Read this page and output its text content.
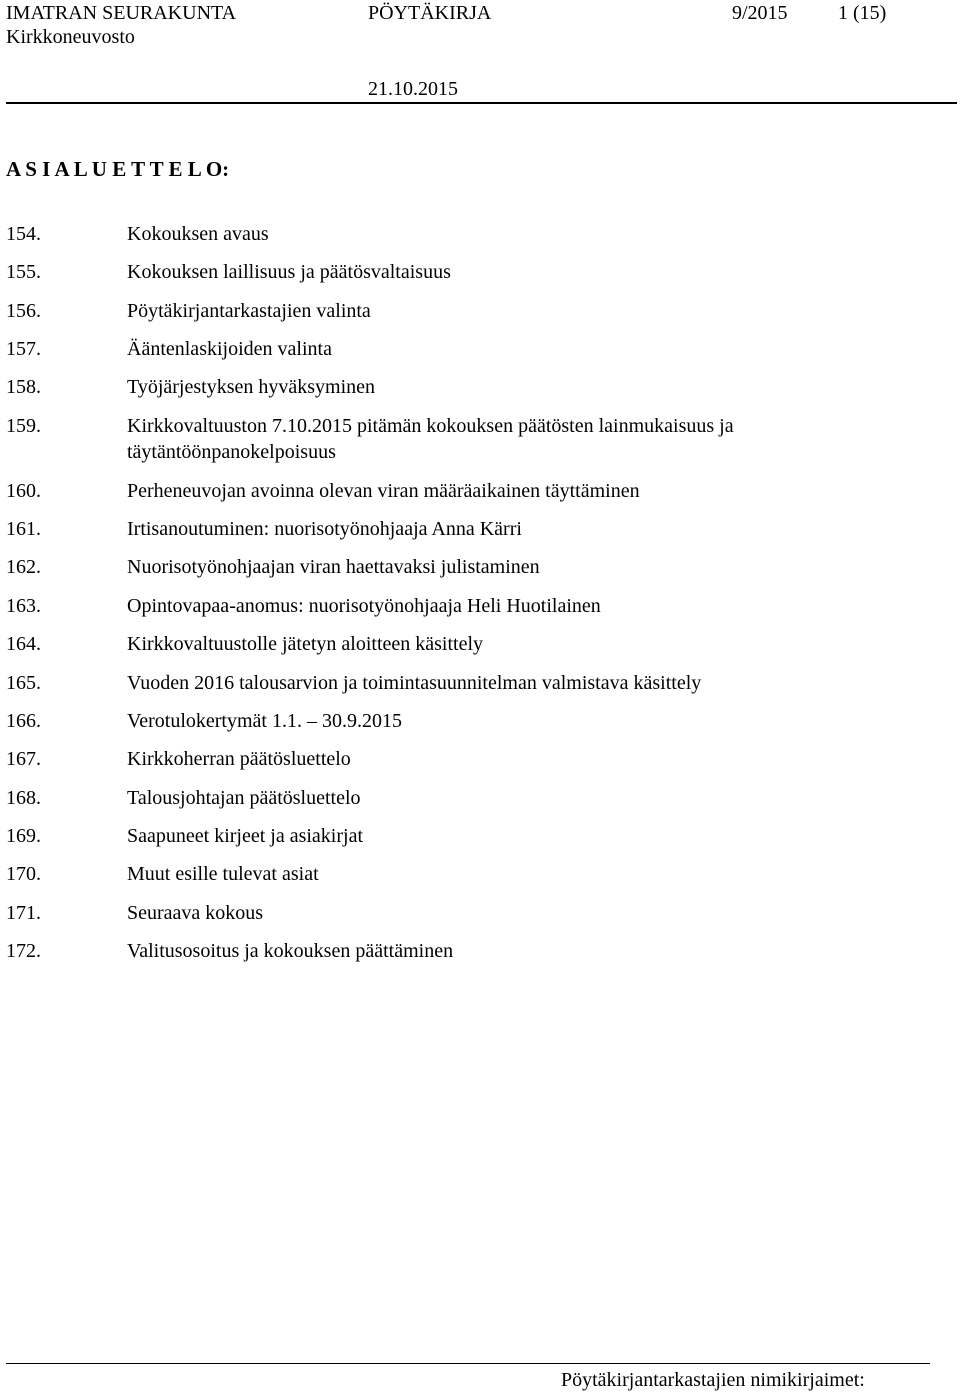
IMATRAN SEURAKUNTA	PÖYTÄKIRJA	9/2015	1 (15)
Kirkkoneuvosto
21.10.2015
A S I A L U E T T E L O:
154.	Kokouksen avaus
155.	Kokouksen laillisuus ja päätösvaltaisuus
156.	Pöytäkirjantarkastajien valinta
157.	Ääntenlaskijoiden valinta
158.	Työjärjestyksen hyväksyminen
159.	Kirkkovaltuuston 7.10.2015 pitämän kokouksen päätösten lainmukaisuus ja
täytäntöönpanokelpoisuus
160.	Perheneuvojan avoinna olevan viran määräaikainen täyttäminen
161.	Irtisanoutuminen: nuorisotyönohjaaja Anna Kärri
162.	Nuorisotyönohjaajan viran haettavaksi julistaminen
163.	Opintovapaa-anomus: nuorisotyönohjaaja Heli Huotilainen
164.	Kirkkovaltuustolle jätetyn aloitteen käsittely
165.	Vuoden 2016 talousarvion ja toimintasuunnitelman valmistava käsittely
166.	Verotulokertymät 1.1. – 30.9.2015
167.	Kirkkoherran päätösluettelo
168.	Talousjohtajan päätösluettelo
169.	Saapuneet kirjeet ja asiakirjat
170.	Muut esille tulevat asiat
171.	Seuraava kokous
172.	Valitusosoitus ja kokouksen päättäminen
Pöytäkirjantarkastajien nimikirjaimet:
